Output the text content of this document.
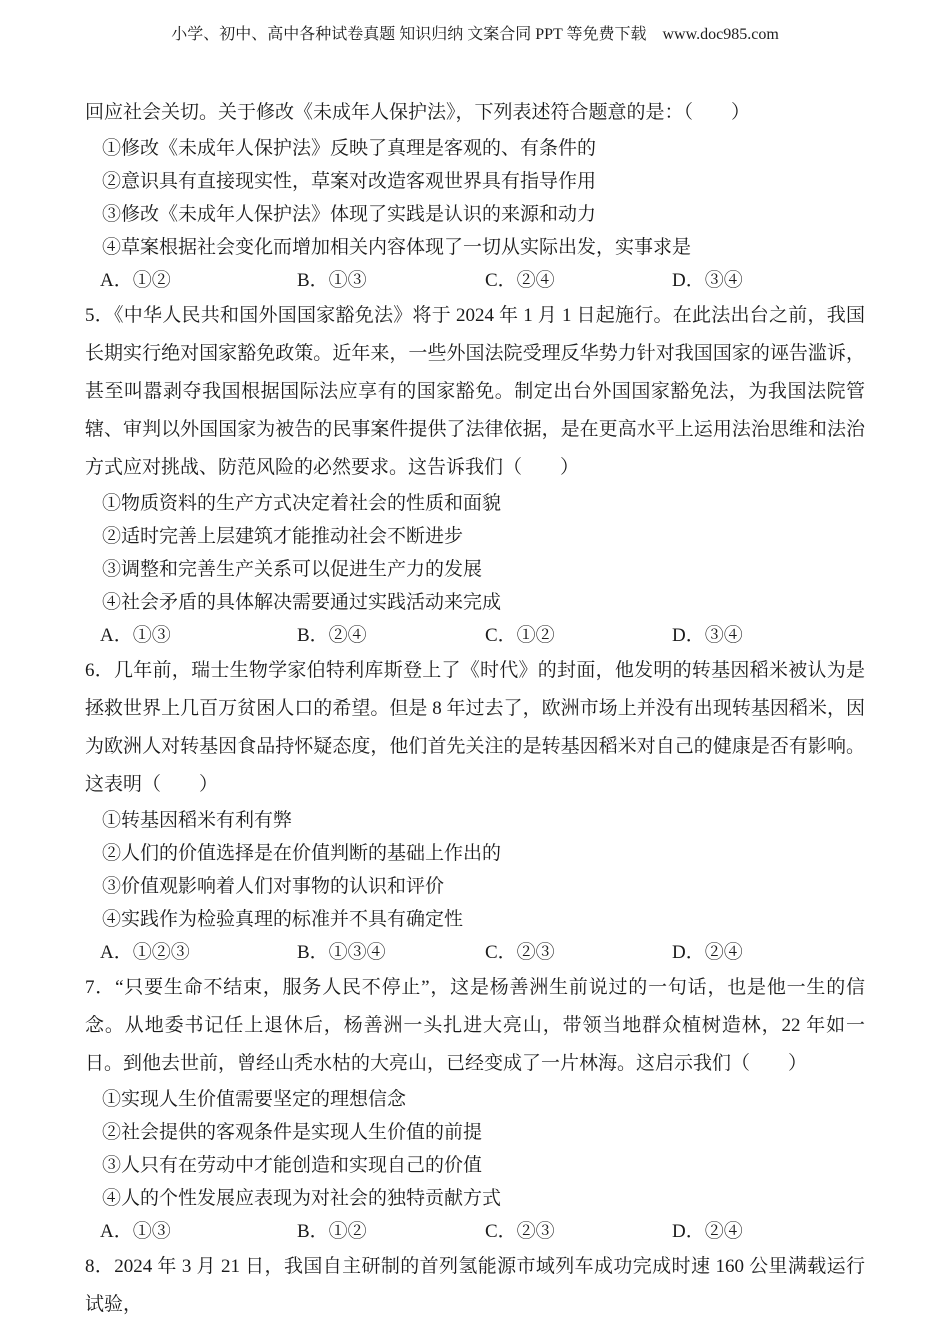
小学、初中、高中各种试卷真题 知识归纳 文案合同 PPT 等免费下载 www.doc985.com

回应社会关切。关于修改《未成年人保护法》，下列表述符合题意的是：（　　）

①修改《未成年人保护法》反映了真理是客观的、有条件的

②意识具有直接现实性，草案对改造客观世界具有指导作用

③修改《未成年人保护法》体现了实践是认识的来源和动力

④草案根据社会变化而增加相关内容体现了一切从实际出发，实事求是

A．①②	B．①③	C．②④	D．③④

5．《中华人民共和国外国国家豁免法》将于 2024 年 1 月 1 日起施行。在此法出台之前，我国长期实行绝对国家豁免政策。近年来，一些外国法院受理反华势力针对我国国家的诬告滥诉，甚至叫嚣剥夺我国根据国际法应享有的国家豁免。制定出台外国国家豁免法，为我国法院管辖、审判以外国国家为被告的民事案件提供了法律依据，是在更高水平上运用法治思维和法治方式应对挑战、防范风险的必然要求。这告诉我们（　　）

①物质资料的生产方式决定着社会的性质和面貌

②适时完善上层建筑才能推动社会不断进步

③调整和完善生产关系可以促进生产力的发展

④社会矛盾的具体解决需要通过实践活动来完成

A．①③	B．②④	C．①②	D．③④

6．几年前，瑞士生物学家伯特利库斯登上了《时代》的封面，他发明的转基因稻米被认为是拯救世界上几百万贫困人口的希望。但是 8 年过去了，欧洲市场上并没有出现转基因稻米，因为欧洲人对转基因食品持怀疑态度，他们首先关注的是转基因稻米对自己的健康是否有影响。这表明（　　）

①转基因稻米有利有弊

②人们的价值选择是在价值判断的基础上作出的

③价值观影响着人们对事物的认识和评价

④实践作为检验真理的标准并不具有确定性

A．①②③	B．①③④	C．②③	D．②④

7．“只要生命不结束，服务人民不停止”，这是杨善洲生前说过的一句话，也是他一生的信念。从地委书记任上退休后，杨善洲一头扎进大亮山，带领当地群众植树造林，22 年如一日。到他去世前，曾经山秃水枯的大亮山，已经变成了一片林海。这启示我们（　　）

①实现人生价值需要坚定的理想信念

②社会提供的客观条件是实现人生价值的前提

③人只有在劳动中才能创造和实现自己的价值

④人的个性发展应表现为对社会的独特贡献方式

A．①③	B．①②	C．②③	D．②④

8．2024 年 3 月 21 日，我国自主研制的首列氢能源市域列车成功完成时速 160 公里满载运行试验，
